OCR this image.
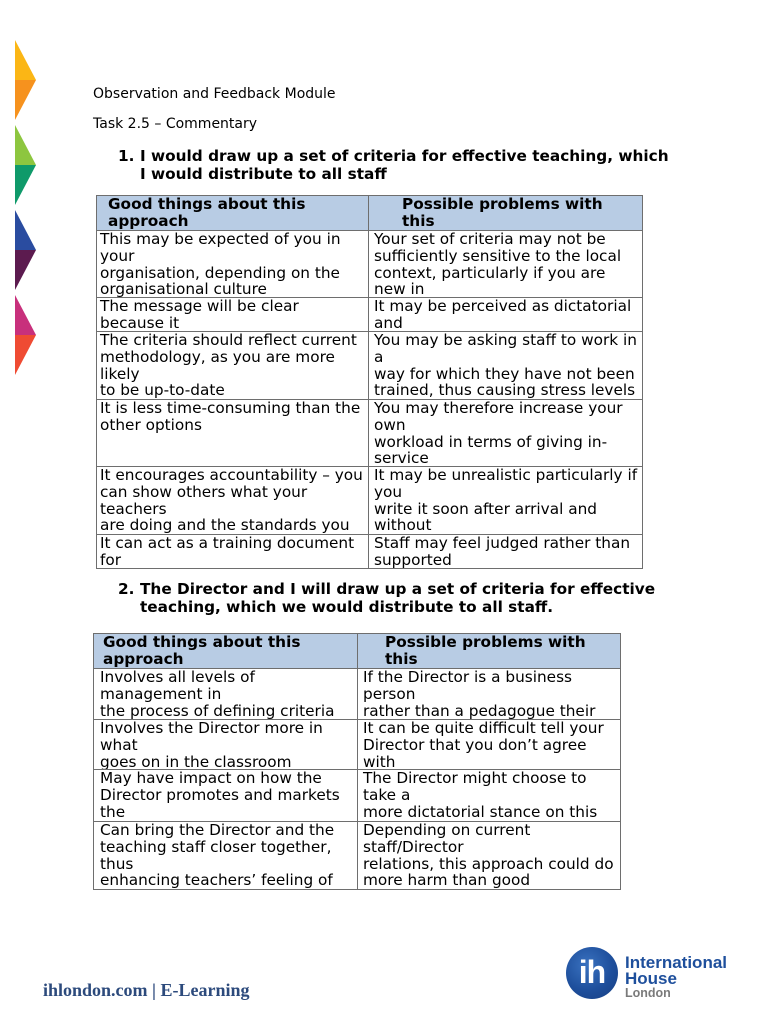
Observation and Feedback Module
Task 2.5 – Commentary
1. I would draw up a set of criteria for effective teaching, which
I would distribute to all staff
Good things about this
approach
Possible problems with
this
This may be expected of you in
your
organisation, depending on the
organisational culture
Your set of criteria may not be
sufficiently sensitive to the local
context, particularly if you are
new in
The message will be clear
because it
It may be perceived as dictatorial
and
The criteria should reflect current
methodology, as you are more
likely
to be up-to-date
You may be asking staff to work in
a
way for which they have not been
trained, thus causing stress levels
It is less time-consuming than the
other options
You may therefore increase your
own
workload in terms of giving in-
service
It encourages accountability – you
can show others what your
teachers
are doing and the standards you
It may be unrealistic particularly if
you
write it soon after arrival and
without
It can act as a training document
for
Staff may feel judged rather than
supported
2. The Director and I will draw up a set of criteria for effective
teaching, which we would distribute to all staff.
Good things about this
approach
Possible problems with
this
Involves all levels of
management in
the process of defining criteria
If the Director is a business
person
rather than a pedagogue their
Involves the Director more in
what
goes on in the classroom
It can be quite difficult tell your
Director that you don’t agree
with
May have impact on how the
Director promotes and markets
the
The Director might choose to
take a
more dictatorial stance on this
Can bring the Director and the
teaching staff closer together,
thus
enhancing teachers’ feeling of
Depending on current
staff/Director
relations, this approach could do
more harm than good
ihlondon.com | E-Learning	ih	International
House
London
